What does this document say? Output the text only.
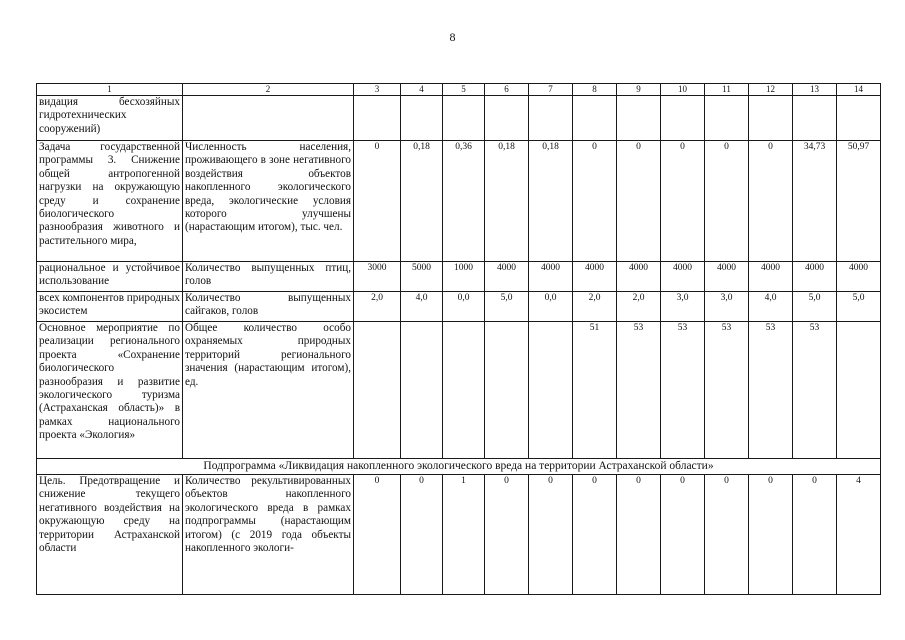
8
1	2	3	4	5	6	7	8	9	10	11	12	13	14
видация бесхозяйных гидротехнических сооружений)													
Задача государственной программы 3. Снижение общей антропогенной нагрузки на окружающую среду и сохранение биологического разнообразия животного и растительного мира,	Численность населения, проживающего в зоне негативного воздействия объектов накопленного экологического вреда, экологические условия которого улучшены (нарастающим итогом), тыс. чел.	0	0,18	0,36	0,18	0,18	0	0	0	0	0	34,73	50,97
рациональное и устойчивое использование	Количество выпущенных птиц, голов	3000	5000	1000	4000	4000	4000	4000	4000	4000	4000	4000	4000
всех компонентов природных экосистем	Количество выпущенных сайгаков, голов	2,0	4,0	0,0	5,0	0,0	2,0	2,0	3,0	3,0	4,0	5,0	5,0
Основное мероприятие по реализации регионального проекта «Сохранение биологического разнообразия и развитие экологического туризма (Астраханская область)» в рамках национального проекта «Экология»	Общее количество особо охраняемых природных территорий регионального значения (нарастающим итогом), ед.						51	53	53	53	53	53	
Подпрограмма «Ликвидация накопленного экологического вреда на территории Астраханской области»													
Цель. Предотвращение и снижение текущего негативного воздействия на окружающую среду на территории Астраханской области	Количество рекультивированных объектов накопленного экологического вреда в рамках подпрограммы (нарастающим итогом) (с 2019 года объекты накопленного экологи-	0	0	1	0	0	0	0	0	0	0	0	4
